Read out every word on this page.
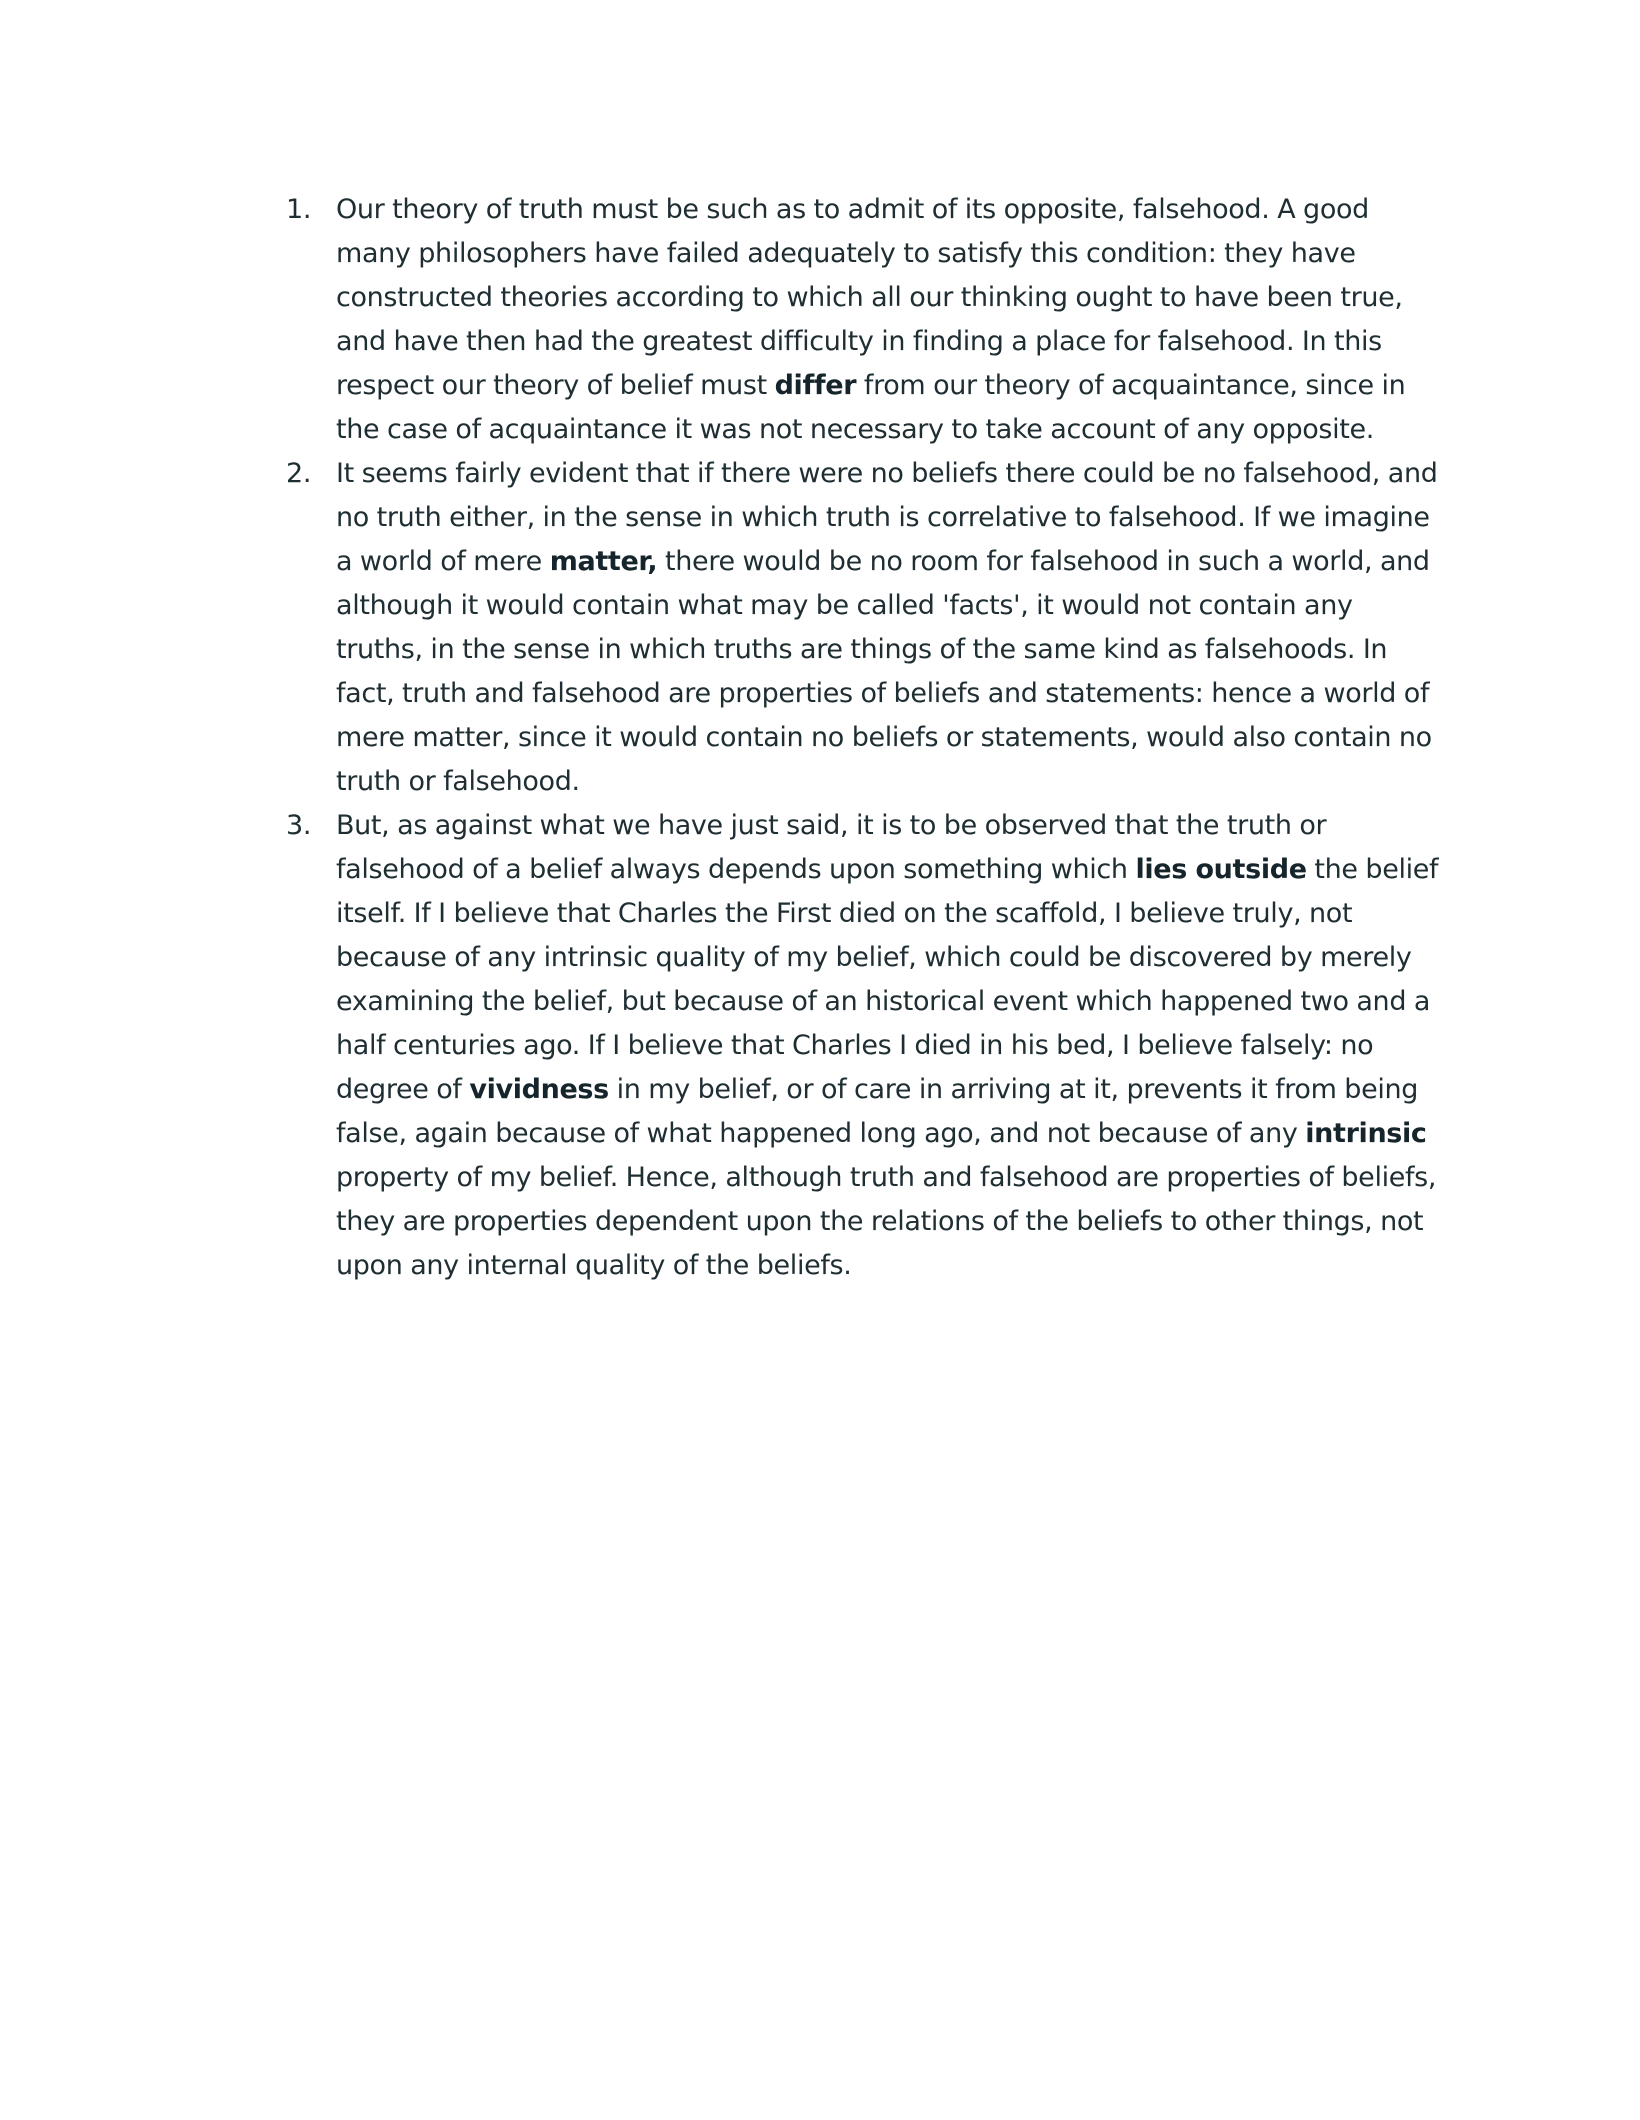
1. Our theory of truth must be such as to admit of its opposite, falsehood. A good many philosophers have failed adequately to satisfy this condition: they have constructed theories according to which all our thinking ought to have been true, and have then had the greatest difficulty in finding a place for falsehood. In this respect our theory of belief must differ from our theory of acquaintance, since in the case of acquaintance it was not necessary to take account of any opposite.
2. It seems fairly evident that if there were no beliefs there could be no falsehood, and no truth either, in the sense in which truth is correlative to falsehood. If we imagine a world of mere matter, there would be no room for falsehood in such a world, and although it would contain what may be called 'facts', it would not contain any truths, in the sense in which truths are things of the same kind as falsehoods. In fact, truth and falsehood are properties of beliefs and statements: hence a world of mere matter, since it would contain no beliefs or statements, would also contain no truth or falsehood.
3. But, as against what we have just said, it is to be observed that the truth or falsehood of a belief always depends upon something which lies outside the belief itself. If I believe that Charles the First died on the scaffold, I believe truly, not because of any intrinsic quality of my belief, which could be discovered by merely examining the belief, but because of an historical event which happened two and a half centuries ago. If I believe that Charles I died in his bed, I believe falsely: no degree of vividness in my belief, or of care in arriving at it, prevents it from being false, again because of what happened long ago, and not because of any intrinsic property of my belief. Hence, although truth and falsehood are properties of beliefs, they are properties dependent upon the relations of the beliefs to other things, not upon any internal quality of the beliefs.
